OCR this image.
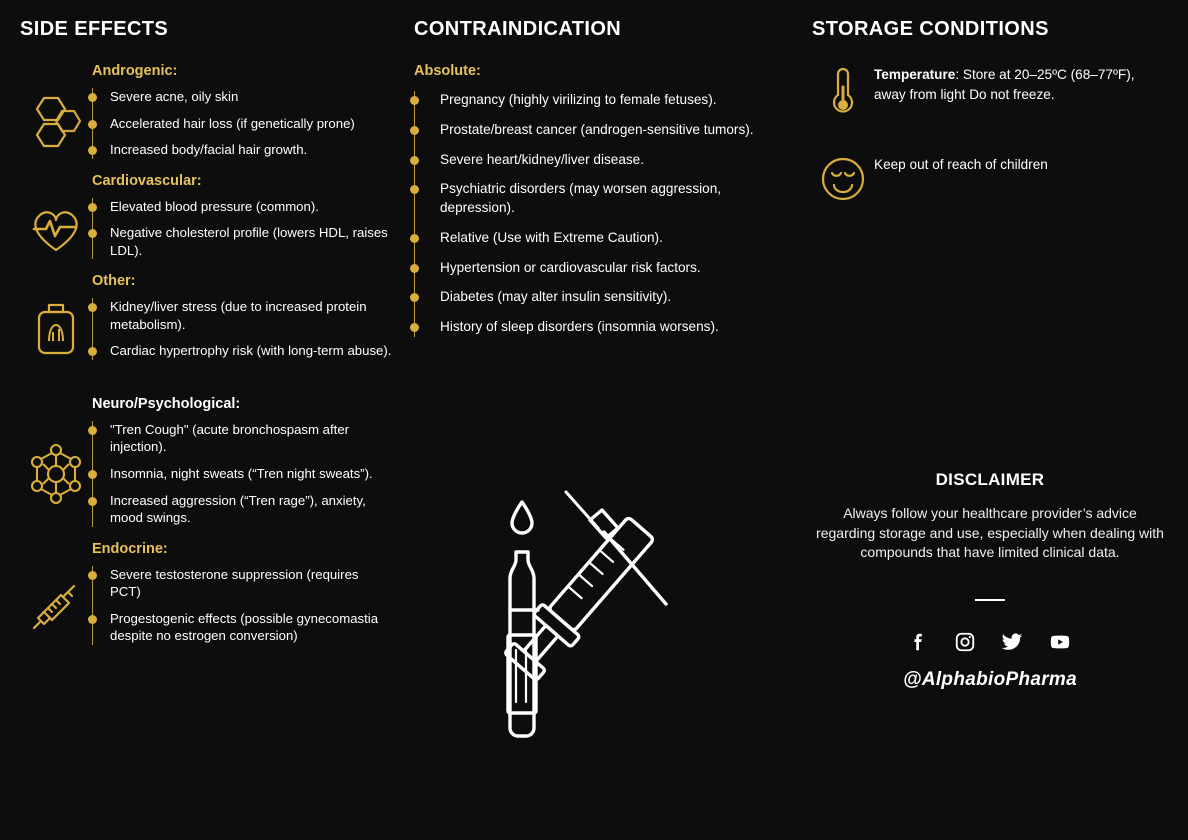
SIDE EFFECTS
Androgenic:
Severe acne, oily skin
Accelerated hair loss (if genetically prone)
Increased body/facial hair growth.
Cardiovascular:
Elevated blood pressure (common).
Negative cholesterol profile (lowers HDL, raises LDL).
Other:
Kidney/liver stress (due to increased protein metabolism).
Cardiac hypertrophy risk (with long-term abuse).
Neuro/Psychological:
"Tren Cough" (acute bronchospasm after injection).
Insomnia, night sweats (“Tren night sweats”).
Increased aggression (“Tren rage”), anxiety, mood swings.
Endocrine:
Severe testosterone suppression (requires PCT)
Progestogenic effects (possible gynecomastia despite no estrogen conversion)
CONTRAINDICATION
Absolute:
Pregnancy (highly virilizing to female fetuses).
Prostate/breast cancer (androgen-sensitive tumors).
Severe heart/kidney/liver disease.
Psychiatric disorders (may worsen aggression, depression).
Relative (Use with Extreme Caution).
Hypertension or cardiovascular risk factors.
Diabetes (may alter insulin sensitivity).
History of sleep disorders (insomnia worsens).
STORAGE CONDITIONS
Temperature: Store at 20–25ºC (68–77ºF), away from light Do not freeze.
Keep out of reach of children
DISCLAIMER
Always follow your healthcare provider’s advice regarding storage and use, especially when dealing with compounds that have limited clinical data.
@AlphabioPharma
